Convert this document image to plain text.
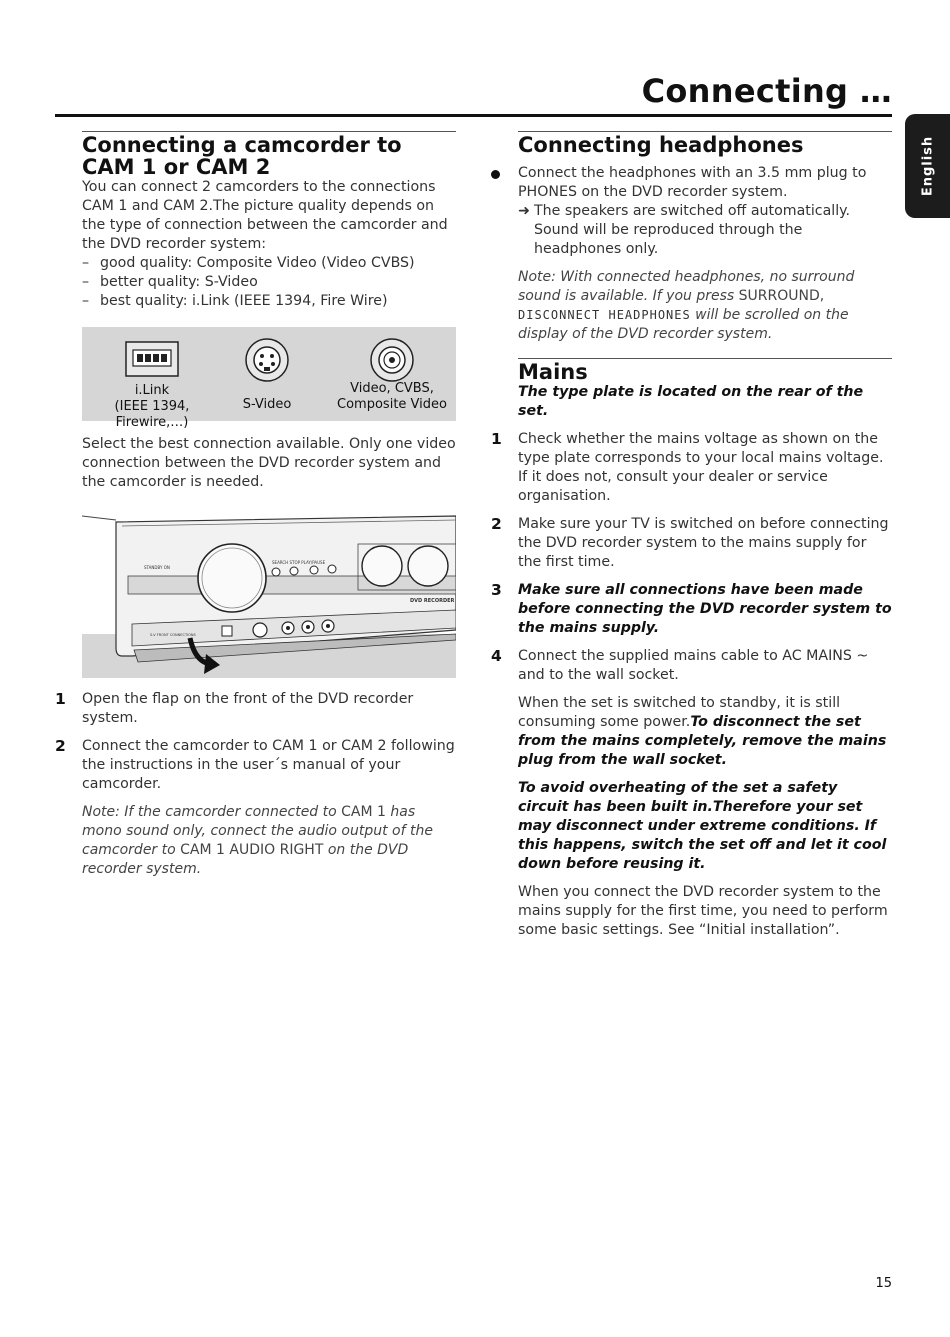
Connecting …
English
Connecting a camcorder to
CAM 1 or CAM 2

You can connect 2 camcorders to the connections CAM 1 and CAM 2.The picture quality depends on the type of connection between the camcorder and the DVD recorder system:

– good quality: Composite Video (Video CVBS)
– better quality: S-Video
– best quality: i.Link (IEEE 1394, Fire Wire)
i.Link
(IEEE 1394, Firewire,…)
S-Video
Video, CVBS,
Composite Video

Select the best connection available. Only one video connection between the DVD recorder system and the camcorder is needed.

SEARCH STOP PLAY/PAUSE
STANDBY ON
DVD RECORDER
S-V FRONT CONNECTIONS
1 Open the flap on the front of the DVD recorder system.

2 Connect the camcorder to CAM 1 or CAM 2 following the instructions in the user´s manual of your camcorder.

Note: If the camcorder connected to CAM 1 has mono sound only, connect the audio output of the camcorder to CAM 1 AUDIO RIGHT on the DVD recorder system.

Connecting headphones

Connect the headphones with an 3.5 mm plug to PHONES on the DVD recorder system.

➜ The speakers are switched off automatically. Sound will be reproduced through the headphones only.

Note: With connected headphones, no surround sound is available. If you press SURROUND, DISCONNECT HEADPHONES will be scrolled on the display of the DVD recorder system.

Mains

The type plate is located on the rear of the set.

1 Check whether the mains voltage as shown on the type plate corresponds to your local mains voltage. If it does not, consult your dealer or service organisation.

2 Make sure your TV is switched on before connecting the DVD recorder system to the mains supply for the first time.

3 Make sure all connections have been made before connecting the DVD recorder system to the mains supply.

4 Connect the supplied mains cable to AC MAINS ~ and to the wall socket.

When the set is switched to standby, it is still consuming some power.To disconnect the set from the mains completely, remove the mains plug from the wall socket.

To avoid overheating of the set a safety circuit has been built in.Therefore your set may disconnect under extreme conditions. If this happens, switch the set off and let it cool down before reusing it.

When you connect the DVD recorder system to the mains supply for the first time, you need to perform some basic settings. See “Initial installation”.

15
